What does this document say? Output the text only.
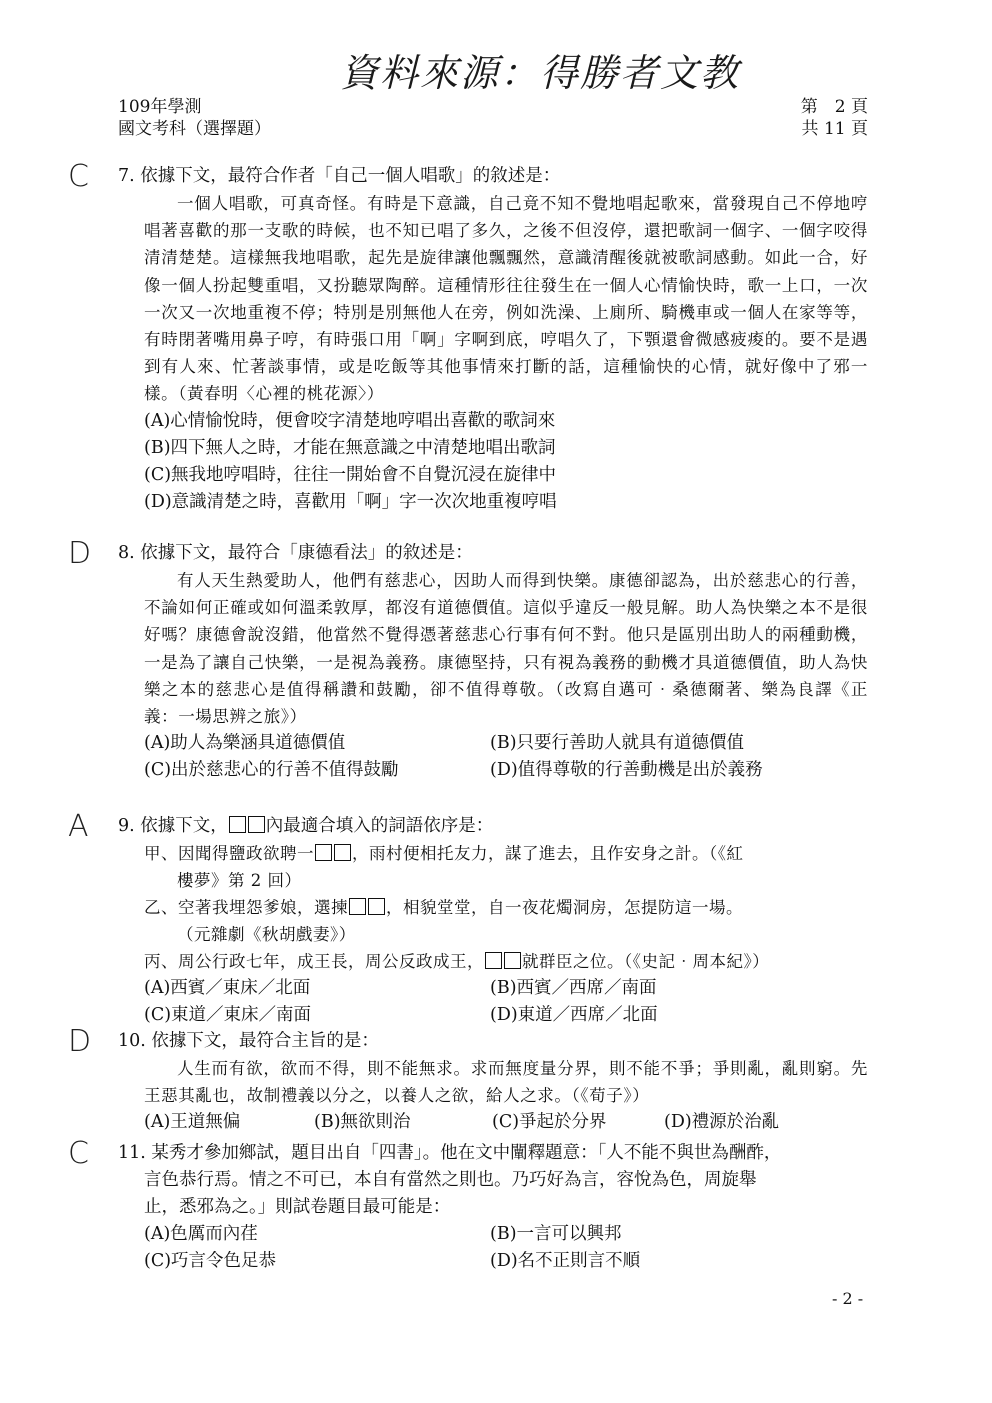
資料來源：得勝者文教
109年學測
國文考科（選擇題）
第　2 頁
共 11 頁
C 7. 依據下文，最符合作者「自己一個人唱歌」的敘述是：
一個人唱歌，可真奇怪。有時是下意識，自己竟不知不覺地唱起歌來，當發現自己不停地哼唱著喜歡的那一支歌的時候，也不知已唱了多久，之後不但沒停，還把歌詞一個字、一個字咬得清清楚楚。這樣無我地唱歌，起先是旋律讓他飄飄然，意識清醒後就被歌詞感動。如此一合，好像一個人扮起雙重唱，又扮聽眾陶醉。這種情形往往發生在一個人心情愉快時，歌一上口，一次一次又一次地重複不停；特別是別無他人在旁，例如洗澡、上廁所、騎機車或一個人在家等等，有時閉著嘴用鼻子哼，有時張口用「啊」字啊到底，哼唱久了，下顎還會微感疲痠的。要不是遇到有人來、忙著談事情，或是吃飯等其他事情來打斷的話，這種愉快的心情，就好像中了邪一樣。（黃春明〈心裡的桃花源〉）
(A)心情愉悅時，便會咬字清楚地哼唱出喜歡的歌詞來
(B)四下無人之時，才能在無意識之中清楚地唱出歌詞
(C)無我地哼唱時，往往一開始會不自覺沉浸在旋律中
(D)意識清楚之時，喜歡用「啊」字一次次地重複哼唱
D 8. 依據下文，最符合「康德看法」的敘述是：
有人天生熱愛助人，他們有慈悲心，因助人而得到快樂。康德卻認為，出於慈悲心的行善，不論如何正確或如何溫柔敦厚，都沒有道德價值。這似乎違反一般見解。助人為快樂之本不是很好嗎？康德會說沒錯，他當然不覺得憑著慈悲心行事有何不對。他只是區別出助人的兩種動機，一是為了讓自己快樂，一是視為義務。康德堅持，只有視為義務的動機才具道德價值，助人為快樂之本的慈悲心是值得稱讚和鼓勵，卻不值得尊敬。（改寫自邁可‧桑德爾著、樂為良譯《正義：一場思辨之旅》）
(A)助人為樂涵具道德價值	(B)只要行善助人就具有道德價值
(C)出於慈悲心的行善不值得鼓勵	(D)值得尊敬的行善動機是出於義務
A 9. 依據下文， 內最適合填入的詞語依序是：
甲、因聞得鹽政欲聘一 ，雨村便相托友力，謀了進去，且作安身之計。（《紅
樓夢》第 2 回）
乙、空著我埋怨爹娘，選揀 ，相貌堂堂，自一夜花燭洞房，怎提防這一場。
（元雜劇《秋胡戲妻》）
丙、周公行政七年，成王長，周公反政成王， 就群臣之位。（《史記‧周本紀》）
(A)西賓／東床／北面	(B)西賓／西席／南面
(C)東道／東床／南面	(D)東道／西席／北面
D 10. 依據下文，最符合主旨的是：
人生而有欲，欲而不得，則不能無求。求而無度量分界，則不能不爭；爭則亂，亂則窮。先王惡其亂也，故制禮義以分之，以養人之欲，給人之求。（《荀子》）
(A)王道無偏	(B)無欲則治	(C)爭起於分界	(D)禮源於治亂
C 11. 某秀才參加鄉試，題目出自「四書」。他在文中闡釋題意：「人不能不與世為酬酢，
言色恭行焉。情之不可已，本自有當然之則也。乃巧好為言，容悅為色，周旋舉
止，悉邪為之。」則試卷題目最可能是：
(A)色厲而內荏	(B)一言可以興邦
(C)巧言令色足恭	(D)名不正則言不順
- 2 -
